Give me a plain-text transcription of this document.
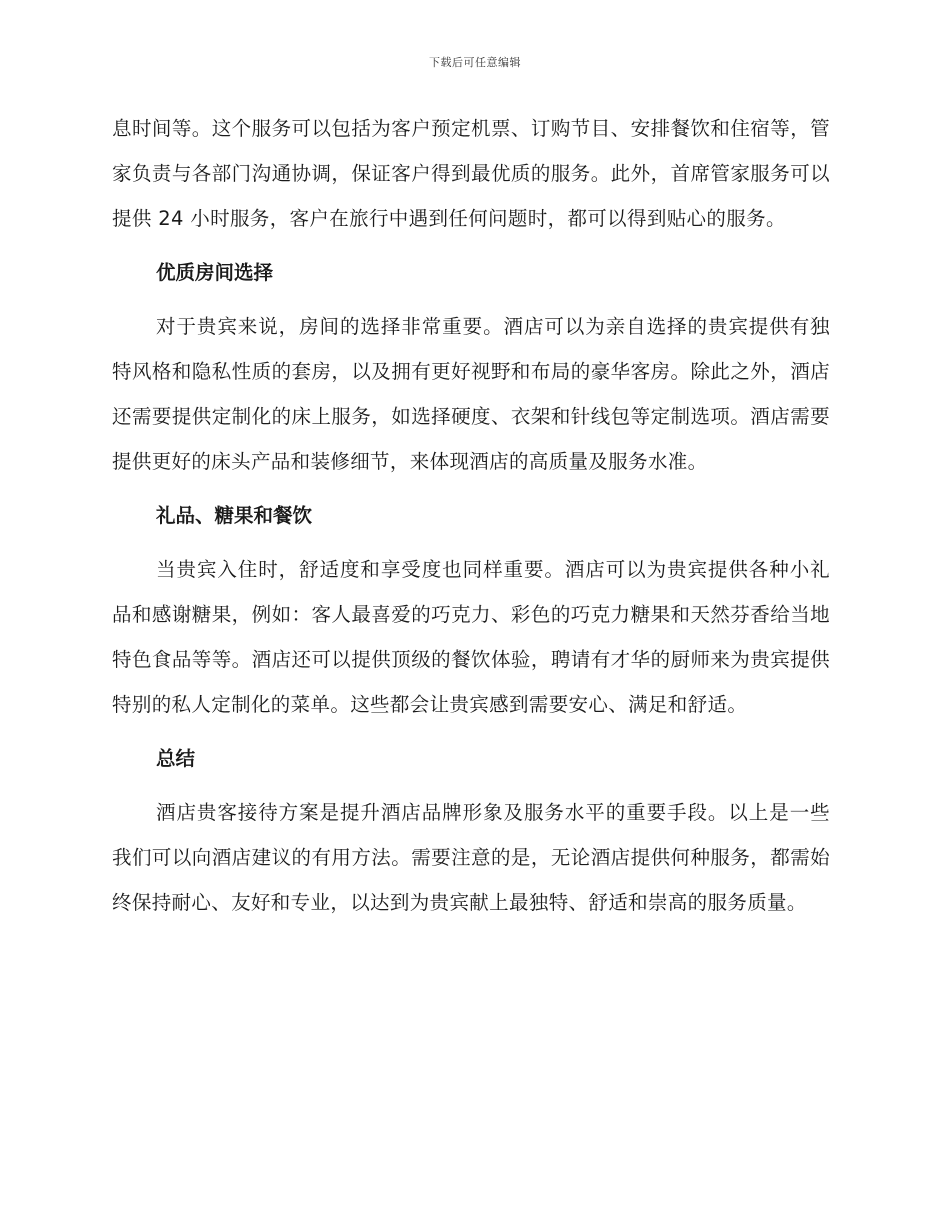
下载后可任意编辑

息时间等。这个服务可以包括为客户预定机票、订购节目、安排餐饮和住宿等，管家负责与各部门沟通协调，保证客户得到最优质的服务。此外，首席管家服务可以提供 24 小时服务，客户在旅行中遇到任何问题时，都可以得到贴心的服务。

优质房间选择

对于贵宾来说，房间的选择非常重要。酒店可以为亲自选择的贵宾提供有独特风格和隐私性质的套房，以及拥有更好视野和布局的豪华客房。除此之外，酒店还需要提供定制化的床上服务，如选择硬度、衣架和针线包等定制选项。酒店需要提供更好的床头产品和装修细节，来体现酒店的高质量及服务水准。

礼品、糖果和餐饮

当贵宾入住时，舒适度和享受度也同样重要。酒店可以为贵宾提供各种小礼品和感谢糖果，例如：客人最喜爱的巧克力、彩色的巧克力糖果和天然芬香给当地特色食品等等。酒店还可以提供顶级的餐饮体验，聘请有才华的厨师来为贵宾提供特别的私人定制化的菜单。这些都会让贵宾感到需要安心、满足和舒适。

总结

酒店贵客接待方案是提升酒店品牌形象及服务水平的重要手段。以上是一些我们可以向酒店建议的有用方法。需要注意的是，无论酒店提供何种服务，都需始终保持耐心、友好和专业，以达到为贵宾献上最独特、舒适和崇高的服务质量。
